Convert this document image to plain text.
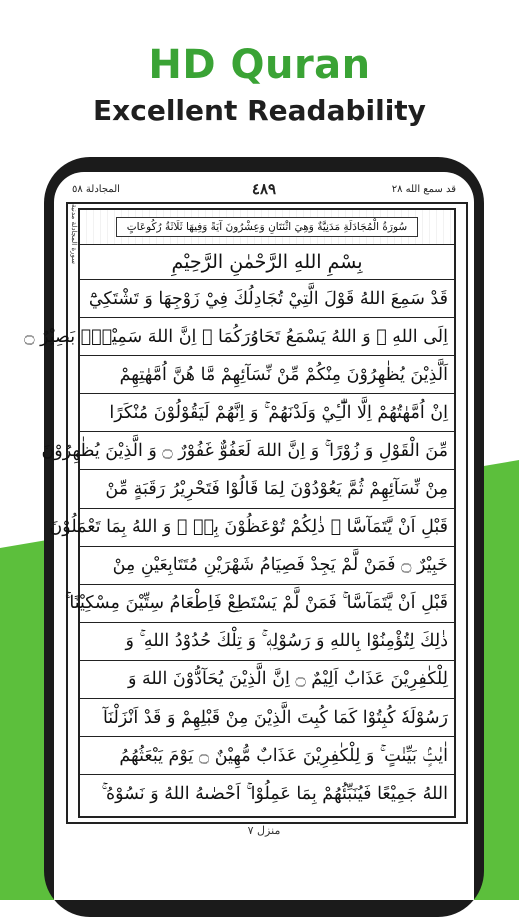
HD Quran
Excellent Readability
المجادلة ٥٨	٤٨٩	قد سمع الله ٢٨
سورة المجادلة مدنية	سُورَةُ الْمُجَادَلَةِ مَدَنِيَّةٌ وَهِيَ اثْنَتَانِ وَعِشْرُونَ آيَةً وَفِيهَا ثَلَاثَةُ رُكُوعَاتٍ
بِسْمِ اللهِ الرَّحْمٰنِ الرَّحِيْمِ
قَدْ سَمِعَ اللهُ قَوْلَ الَّتِيْ تُجَادِلُكَ فِيْ زَوْجِهَا وَ تَشْتَكِيْٓ
اِلَى اللهِ ۖ وَ اللهُ يَسْمَعُ تَحَاوُرَكُمَا ۚ اِنَّ اللهَ سَمِيْعٌۢ بَصِيْرٌ ۝
اَلَّذِيْنَ يُظٰهِرُوْنَ مِنْكُمْ مِّنْ نِّسَآئِهِمْ مَّا هُنَّ اُمَّهٰتِهِمْ
اِنْ اُمَّهٰتُهُمْ اِلَّا الّٰٓـِٔيْ وَلَدْنَهُمْ ۚ وَ اِنَّهُمْ لَيَقُوْلُوْنَ مُنْكَرًا
مِّنَ الْقَوْلِ وَ زُوْرًا ۚ وَ اِنَّ اللهَ لَعَفُوٌّ غَفُوْرٌ ۝ وَ الَّذِيْنَ يُظٰهِرُوْنَ
مِنْ نِّسَآئِهِمْ ثُمَّ يَعُوْدُوْنَ لِمَا قَالُوْا فَتَحْرِيْرُ رَقَبَةٍ مِّنْ
قَبْلِ اَنْ يَّتَمَآسَّا ۚ ذٰلِكُمْ تُوْعَظُوْنَ بِهٖ ۚ وَ اللهُ بِمَا تَعْمَلُوْنَ
خَبِيْرٌ ۝ فَمَنْ لَّمْ يَجِدْ فَصِيَامُ شَهْرَيْنِ مُتَتَابِعَيْنِ مِنْ
قَبْلِ اَنْ يَّتَمَآسَّا ۚ فَمَنْ لَّمْ يَسْتَطِعْ فَاِطْعَامُ سِتِّيْنَ مِسْكِيْنًا ۚ
ذٰلِكَ لِتُؤْمِنُوْا بِاللهِ وَ رَسُوْلِهٖ ۚ وَ تِلْكَ حُدُوْدُ اللهِ ۚ وَ
لِلْكٰفِرِيْنَ عَذَابٌ اَلِيْمٌ ۝ اِنَّ الَّذِيْنَ يُحَآدُّوْنَ اللهَ وَ
رَسُوْلَهٗ كُبِتُوْا كَمَا كُبِتَ الَّذِيْنَ مِنْ قَبْلِهِمْ وَ قَدْ اَنْزَلْنَآ
اٰيٰتٍۢ بَيِّنٰتٍ ۚ وَ لِلْكٰفِرِيْنَ عَذَابٌ مُّهِيْنٌ ۝ يَوْمَ يَبْعَثُهُمُ
اللهُ جَمِيْعًا فَيُنَبِّئُهُمْ بِمَا عَمِلُوْا ۚ اَحْصٰىهُ اللهُ وَ نَسُوْهُ ۚ
منزل ٧
